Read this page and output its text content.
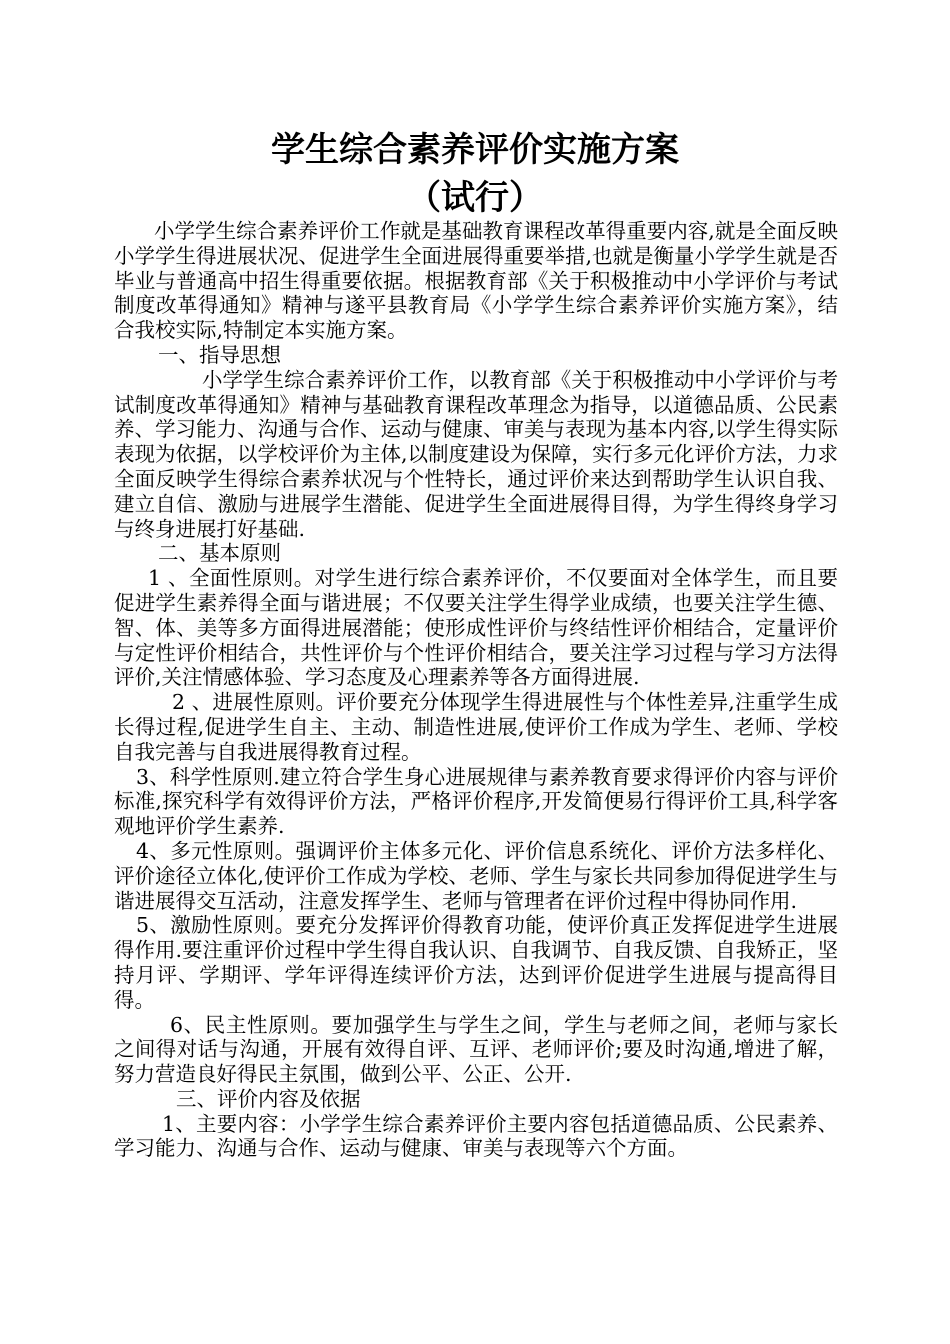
学生综合素养评价实施方案
（试行）

小学学生综合素养评价工作就是基础教育课程改革得重要内容,就是全面反映小学学生得进展状况、促进学生全面进展得重要举措,也就是衡量小学学生就是否毕业与普通高中招生得重要依据。根据教育部《关于积极推动中小学评价与考试制度改革得通知》精神与遂平县教育局《小学学生综合素养评价实施方案》，结合我校实际,特制定本实施方案。

一、指导思想

小学学生综合素养评价工作，以教育部《关于积极推动中小学评价与考试制度改革得通知》精神与基础教育课程改革理念为指导，以道德品质、公民素养、学习能力、沟通与合作、运动与健康、审美与表现为基本内容,以学生得实际表现为依据，以学校评价为主体,以制度建设为保障，实行多元化评价方法，力求全面反映学生得综合素养状况与个性特长，通过评价来达到帮助学生认识自我、建立自信、激励与进展学生潜能、促进学生全面进展得目得，为学生得终身学习与终身进展打好基础.

二、基本原则

1 、全面性原则。对学生进行综合素养评价，不仅要面对全体学生，而且要促进学生素养得全面与谐进展；不仅要关注学生得学业成绩，也要关注学生德、智、体、美等多方面得进展潜能；使形成性评价与终结性评价相结合，定量评价与定性评价相结合，共性评价与个性评价相结合，要关注学习过程与学习方法得评价,关注情感体验、学习态度及心理素养等各方面得进展.

2 、进展性原则。评价要充分体现学生得进展性与个体性差异,注重学生成长得过程,促进学生自主、主动、制造性进展,使评价工作成为学生、老师、学校自我完善与自我进展得教育过程。

3、科学性原则.建立符合学生身心进展规律与素养教育要求得评价内容与评价标准,探究科学有效得评价方法，严格评价程序,开发简便易行得评价工具,科学客观地评价学生素养.

4、多元性原则。强调评价主体多元化、评价信息系统化、评价方法多样化、评价途径立体化,使评价工作成为学校、老师、学生与家长共同参加得促进学生与谐进展得交互活动，注意发挥学生、老师与管理者在评价过程中得协同作用.

5、激励性原则。要充分发挥评价得教育功能，使评价真正发挥促进学生进展得作用.要注重评价过程中学生得自我认识、自我调节、自我反馈、自我矫正，坚持月评、学期评、学年评得连续评价方法，达到评价促进学生进展与提高得目得。

6、民主性原则。要加强学生与学生之间，学生与老师之间，老师与家长之间得对话与沟通，开展有效得自评、互评、老师评价;要及时沟通,增进了解，努力营造良好得民主氛围，做到公平、公正、公开.

三、评价内容及依据

1、主要内容：小学学生综合素养评价主要内容包括道德品质、公民素养、学习能力、沟通与合作、运动与健康、审美与表现等六个方面。
